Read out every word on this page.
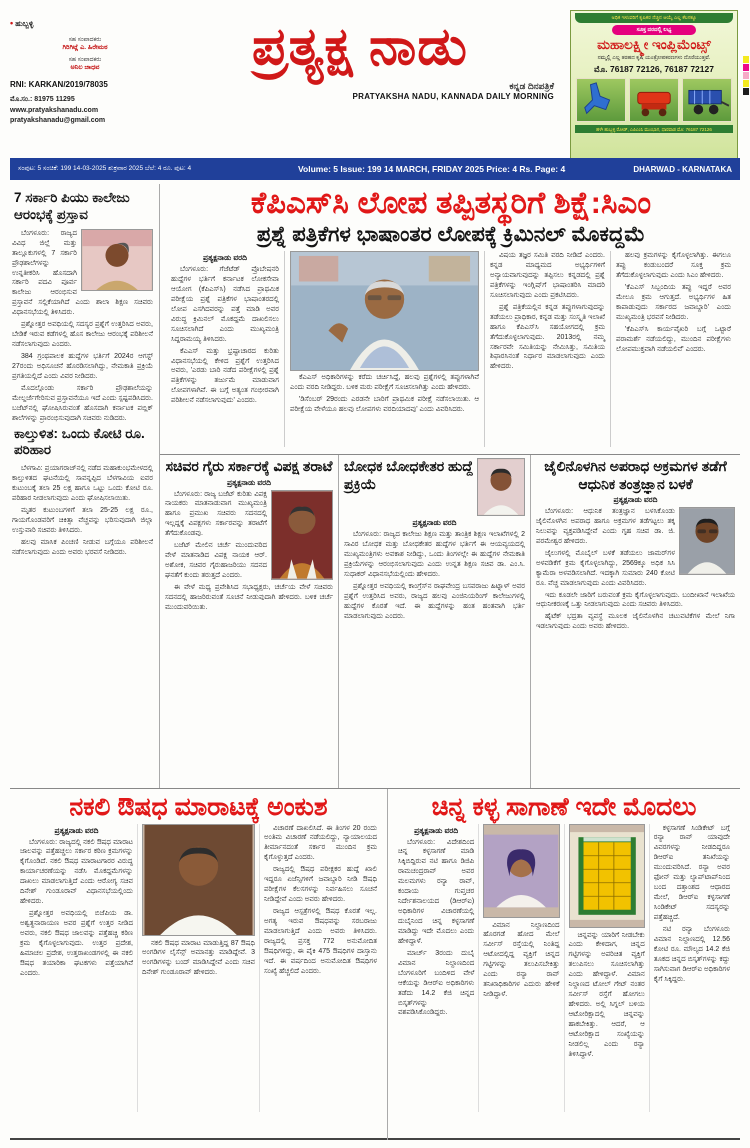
• ಹುಬ್ಬಳ್ಳಿ
ಸಹ ಸಂಪಾದಕರು
ಗಿರಿಗಿಟ್ಲೆ ಎ. ಹಿರೇಮಠ
ಸಹ ಸಂಪಾದಕರು
ಅನಿಲ ಜಾಧವ
RNI: KARKAN/2019/78035
ಮೊ.ಸಂ.: 81975 11295
www.pratyakshanadu.com
pratyakshanadu@gmail.com
ಪ್ರತ್ಯಕ್ಷ ನಾಡು
ಕನ್ನಡ ದಿನಪತ್ರಿಕೆ
PRATYAKSHA NADU, KANNADA DAILY MORNING
ಅಧಿಕ ಇಳುವರಿಗೆ ಕೃಷಿಕರ ನೆಚ್ಚಿನ ಆಯ್ಕೆ ಎಲ್ಲ ಕೆಲಸಕ್ಕೂ
ಸೂಕ್ತ ದರದಲ್ಲಿ ಲಭ್ಯ
ಮಹಾಲಕ್ಷ್ಮೀ ಇಂಪ್ಲಿಮೆಂಟ್ಸ್
ನಮ್ಮಲ್ಲಿ ಎಲ್ಲ ತರಹದ ಕೃಷಿ ಯಂತ್ರೋಪಕರಣಗಳು ದೊರೆಯುತ್ತವೆ.
ಮೊ. 76187 72126, 76187 72127
ಹಳೇ ಹುಬ್ಬಳ್ಳಿ ರೋಡ್, ಎಪಿಎಂಸಿ ಮುಂಭಾಗ, ಧಾರವಾಡ ಮೊ: 76187 72126
ಸಂಪುಟ: 5 ಸಂಚಿಕೆ: 199 14-03-2025 ಶುಕ್ರವಾರ 2025 ಬೆಲೆ: 4 ರೂ. ಪುಟ: 4	Volume: 5 Issue: 199 14 MARCH, FRIDAY 2025 Price: 4 Rs. Page: 4	DHARWAD - KARNATAKA
7 ಸರ್ಕಾರಿ ಪಿಯು ಕಾಲೇಜು ಆರಂಭಕ್ಕೆ ಪ್ರಸ್ತಾವ

ಬೆಂಗಳೂರು: ರಾಜ್ಯದ ವಿವಿಧ ಜಿಲ್ಲೆ ಮತ್ತು ತಾಲ್ಲೂಕುಗಳಲ್ಲಿ 7 ಸರ್ಕಾರಿ ಪ್ರೌಢಶಾಲೆಗಳನ್ನು ಉನ್ನತೀಕರಿಸಿ ಹೊಸದಾಗಿ ಸರ್ಕಾರಿ ಪದವಿ ಪೂರ್ವ ಕಾಲೇಜು ಆರಂಭಿಸುವ ಪ್ರಸ್ತಾವನೆ ಸಲ್ಲಿಕೆಯಾಗಿದೆ ಎಂದು ಶಾಲಾ ಶಿಕ್ಷಣ ಸಚಿವರು ವಿಧಾನಸಭೆಯಲ್ಲಿ ತಿಳಿಸಿದರು.

ಪ್ರಶ್ನೋತ್ತರ ಅವಧಿಯಲ್ಲಿ ಸದಸ್ಯರ ಪ್ರಶ್ನೆಗೆ ಉತ್ತರಿಸಿದ ಅವರು, ಬೇಡಿಕೆ ಇರುವ ಕಡೆಗಳಲ್ಲಿ ಹೊಸ ಕಾಲೇಜು ಆರಂಭಕ್ಕೆ ಪರಿಶೀಲನೆ ನಡೆಸಲಾಗುವುದು ಎಂದರು.

384 ಗ್ರಂಥಪಾಲಕ ಹುದ್ದೆಗಳ ಭರ್ತಿಗೆ 2024ರ ಆಗಸ್ಟ್ 27ರಂದು ಅಧಿಸೂಚನೆ ಹೊರಡಿಸಲಾಗಿದ್ದು, ನೇಮಕಾತಿ ಪ್ರಕ್ರಿಯೆ ಪ್ರಗತಿಯಲ್ಲಿದೆ ಎಂದು ವಿವರ ನೀಡಿದರು.

ಮೊದಲ್ಗೊಂಡು ಸರ್ಕಾರಿ ಪ್ರೌಢಶಾಲೆಯನ್ನು ಮೇಲ್ದರ್ಜೆಗೇರಿಸುವ ಪ್ರಸ್ತಾವನೆಯೂ ಇದೆ ಎಂದು ಸ್ಪಷ್ಟಪಡಿಸಿದರು. ಬಜೆಟ್‌ನಲ್ಲಿ ಘೋಷಿಸಿರುವಂತೆ ಹೊಸದಾಗಿ ಕರ್ನಾಟಕ ಪಬ್ಲಿಕ್ ಶಾಲೆಗಳನ್ನು ಪ್ರಾರಂಭಿಸುವುದಾಗಿ ಸಚಿವರು ನುಡಿದರು.

ಕಾಲ್ತುಳಿತ: ಒಂದು ಕೋಟಿ ರೂ. ಪರಿಹಾರ

ಬೆಳಗಾವಿ: ಪ್ರಯಾಗರಾಜ್‌ನಲ್ಲಿ ನಡೆದ ಮಹಾಕುಂಭಮೇಳದಲ್ಲಿ ಕಾಲ್ತುಳಿತದ ಘಟನೆಯಲ್ಲಿ ಸಾವನ್ನಪ್ಪಿದ ಬೆಳಗಾವಿಯ ಐವರ ಕುಟುಂಬಕ್ಕೆ ತಲಾ 25 ಲಕ್ಷ ಹಾಗೂ ಒಟ್ಟು ಒಂದು ಕೋಟಿ ರೂ. ಪರಿಹಾರ ನೀಡಲಾಗುವುದು ಎಂದು ಘೋಷಿಸಲಾಯಿತು.

ಮೃತರ ಕುಟುಂಬಗಳಿಗೆ ತಲಾ 25-25 ಲಕ್ಷ ರೂ., ಗಾಯಗೊಂಡವರಿಗೆ ಚಿಕಿತ್ಸಾ ವೆಚ್ಚವನ್ನು ಭರಿಸುವುದಾಗಿ ಜಿಲ್ಲಾ ಉಸ್ತುವಾರಿ ಸಚಿವರು ತಿಳಿಸಿದರು.

ಹಲವು ಮಾಸಿಕ ಪಿಂಚಣಿ ನೀಡುವ ಬಗ್ಗೆಯೂ ಪರಿಶೀಲನೆ ನಡೆಸಲಾಗುವುದು ಎಂದು ಅವರು ಭರವಸೆ ನೀಡಿದರು.

ಕೆಪಿಎಸ್‌ಸಿ ಲೋಪ ತಪ್ಪಿತಸ್ಥರಿಗೆ ಶಿಕ್ಷೆ:ಸಿಎಂ
ಪ್ರಶ್ನೆ ಪತ್ರಿಕೆಗಳ ಭಾಷಾಂತರ ಲೋಪಕ್ಕೆ ಕ್ರಿಮಿನಲ್ ಮೊಕದ್ದಮೆ
ಪ್ರತ್ಯಕ್ಷನಾಡು ವರದಿ

ಬೆಂಗಳೂರು: ಗೆಜೆಟೆಡ್ ಪ್ರೊಬೇಷನರಿ ಹುದ್ದೆಗಳ ಭರ್ತಿಗೆ ಕರ್ನಾಟಕ ಲೋಕಸೇವಾ ಆಯೋಗ (ಕೆಪಿಎಸ್‌ಸಿ) ನಡೆಸಿದ ಪ್ರಾಥಮಿಕ ಪರೀಕ್ಷೆಯ ಪ್ರಶ್ನೆ ಪತ್ರಿಕೆಗಳ ಭಾಷಾಂತರದಲ್ಲಿ ಲೋಪ ಎಸಗಿದವರನ್ನು ಪತ್ತೆ ಮಾಡಿ ಅವರ ವಿರುದ್ಧ ಕ್ರಿಮಿನಲ್ ಮೊಕದ್ದಮೆ ದಾಖಲಿಸಲು ಸೂಚಿಸಲಾಗಿದೆ ಎಂದು ಮುಖ್ಯಮಂತ್ರಿ ಸಿದ್ದರಾಮಯ್ಯ ತಿಳಿಸಿದರು.

ಕೆಎಎಸ್ ಮತ್ತು ಭ್ರಷ್ಟಾಚಾರದ ಕುರಿತು ವಿಧಾನಸಭೆಯಲ್ಲಿ ಕೇಳಿದ ಪ್ರಶ್ನೆಗೆ ಉತ್ತರಿಸಿದ ಅವರು, 'ಎರಡು ಬಾರಿ ನಡೆದ ಪರೀಕ್ಷೆಗಳಲ್ಲಿ ಪ್ರಶ್ನೆ ಪತ್ರಿಕೆಗಳನ್ನು ತರ್ಜುಮೆ ಮಾಡುವಾಗ ಲೋಪಗಳಾಗಿವೆ. ಈ ಬಗ್ಗೆ ಅತ್ಯಂತ ಗಂಭೀರವಾಗಿ ಪರಿಶೀಲನೆ ನಡೆಸಲಾಗುವುದು' ಎಂದರು.

ಕೆಎಎಸ್ ಅಧಿಕಾರಿಗಳನ್ನು ಕರೆದು ಚರ್ಚಿಸಿದ್ದೆ, ಹಲವು ಪ್ರಶ್ನೆಗಳಲ್ಲಿ ತಪ್ಪುಗಳಾಗಿವೆ ಎಂದು ವರದಿ ನೀಡಿದ್ದರು. ಬಳಿಕ ಮರು ಪರೀಕ್ಷೆಗೆ ಸೂಚಿಸಲಾಗಿತ್ತು ಎಂದು ಹೇಳಿದರು.

'ಡಿಸೆಂಬರ್ 29ರಂದು ಎರಡನೇ ಬಾರಿಗೆ ಪ್ರಾಥಮಿಕ ಪರೀಕ್ಷೆ ನಡೆಸಲಾಯಿತು. ಆ ಪರೀಕ್ಷೆಯ ವೇಳೆಯೂ ಹಲವು ಲೋಪಗಳು ವರದಿಯಾದವು' ಎಂದು ವಿವರಿಸಿದರು.

ವಿಷಯ ತಜ್ಞರ ಸಮಿತಿ ವರದಿ ನೀಡಿದೆ ಎಂದರು. ಕನ್ನಡ ಮಾಧ್ಯಮದ ಅಭ್ಯರ್ಥಿಗಳಿಗೆ ಅನ್ಯಾಯವಾಗುವುದನ್ನು ತಪ್ಪಿಸಲು ಕನ್ನಡದಲ್ಲಿ ಪ್ರಶ್ನೆ ಪತ್ರಿಕೆಗಳನ್ನು ಇಂಗ್ಲಿಷ್‌ಗೆ ಭಾಷಾಂತರಿಸಿ ಮಾದರಿ ಸೂಚಿಸಲಾಗುವುದು ಎಂದು ಪ್ರಕಟಿಸಿದರು.

ಪ್ರಶ್ನೆ ಪತ್ರಿಕೆಯಲ್ಲಿನ ಕನ್ನಡ ತಪ್ಪುಗಳಾಗುವುದನ್ನು ತಡೆಯಲು ಪ್ರಾಧಿಕಾರ, ಕನ್ನಡ ಮತ್ತು ಸಂಸ್ಕೃತಿ ಇಲಾಖೆ ಹಾಗೂ ಕೆಪಿಎಸ್‌ಸಿ ಸಹಯೋಗದಲ್ಲಿ ಕ್ರಮ ತೆಗೆದುಕೊಳ್ಳಲಾಗುವುದು. 2013ರಲ್ಲಿ ನಮ್ಮ ಸರ್ಕಾರವೇ ಸಮಿತಿಯನ್ನು ನೇಮಿಸಿತ್ತು, ಸಮಿತಿಯ ಶಿಫಾರಸಿನಂತೆ ನಿರ್ಧಾರ ಮಾಡಲಾಗುವುದು ಎಂದು ಹೇಳಿದರು.

ಹಲವು ಕ್ರಮಗಳನ್ನು ಕೈಗೊಳ್ಳಲಾಗಿತ್ತು. ಈಗಲೂ ತಪ್ಪು ಕಂಡುಬಂದರೆ ಸೂಕ್ತ ಕ್ರಮ ತೆಗೆದುಕೊಳ್ಳಲಾಗುವುದು ಎಂದು ಸಿಎಂ ಹೇಳಿದರು.

'ಕೆಎಎಸ್ ಸಿಬ್ಬಂದಿಯ ತಪ್ಪು ಇದ್ದರೆ ಅವರ ಮೇಲೂ ಕ್ರಮ ಆಗುತ್ತದೆ. ಅಭ್ಯರ್ಥಿಗಳ ಹಿತ ಕಾಪಾಡುವುದು ಸರ್ಕಾರದ ಜವಾಬ್ದಾರಿ' ಎಂದು ಮುಖ್ಯಮಂತ್ರಿ ಭರವಸೆ ನೀಡಿದರು.

'ಕೆಪಿಎಸ್‌ಸಿ ಕಾರ್ಯವೈಖರಿ ಬಗ್ಗೆ ಒಟ್ಟಾರೆ ಪರಾಮರ್ಶೆ ನಡೆಯಲಿದ್ದು, ಮುಂದಿನ ಪರೀಕ್ಷೆಗಳು ಲೋಪಮುಕ್ತವಾಗಿ ನಡೆಯಲಿವೆ' ಎಂದರು.

ಸಚಿವರ ಗೈರು ಸರ್ಕಾರಕ್ಕೆ ವಿಪಕ್ಷ ತರಾಟೆ
ಪ್ರತ್ಯಕ್ಷನಾಡು ವರದಿ

ಬೆಂಗಳೂರು: ರಾಜ್ಯ ಬಜೆಟ್ ಕುರಿತು ವಿಪಕ್ಷ ನಾಯಕರು ಮಾತನಾಡುವಾಗ ಮುಖ್ಯಮಂತ್ರಿ ಹಾಗೂ ಪ್ರಮುಖ ಸಚಿವರು ಸದನದಲ್ಲಿ ಇಲ್ಲದ್ದಕ್ಕೆ ವಿಪಕ್ಷಗಳು ಸರ್ಕಾರವನ್ನು ತರಾಟೆಗೆ ತೆಗೆದುಕೊಂಡವು.

ಬಜೆಟ್ ಮೇಲಿನ ಚರ್ಚೆ ಮುಂದುವರಿದ ವೇಳೆ ಮಾತನಾಡಿದ ವಿಪಕ್ಷ ನಾಯಕ ಆರ್. ಅಶೋಕ, ಸಚಿವರ ಗೈರುಹಾಜರಿಯು ಸದನದ ಘನತೆಗೆ ಕುಂದು ತರುತ್ತದೆ ಎಂದರು.

ಈ ವೇಳೆ ಮಧ್ಯ ಪ್ರವೇಶಿಸಿದ ಸಭಾಧ್ಯಕ್ಷರು, ಚರ್ಚೆಯ ವೇಳೆ ಸಚಿವರು ಸದನದಲ್ಲಿ ಹಾಜರಿರುವಂತೆ ಸೂಚನೆ ನೀಡುವುದಾಗಿ ಹೇಳಿದರು. ಬಳಿಕ ಚರ್ಚೆ ಮುಂದುವರಿಯಿತು.

ಬೋಧಕ ಬೋಧಕೇತರ ಹುದ್ದೆ ಪ್ರಕ್ರಿಯೆ
ಪ್ರತ್ಯಕ್ಷನಾಡು ವರದಿ

ಬೆಂಗಳೂರು: ರಾಜ್ಯದ ಕಾಲೇಜು ಶಿಕ್ಷಣ ಮತ್ತು ತಾಂತ್ರಿಕ ಶಿಕ್ಷಣ ಇಲಾಖೆಗಳಲ್ಲಿ 2 ಸಾವಿರ ಬೋಧಕ ಮತ್ತು ಬೋಧಕೇತರ ಹುದ್ದೆಗಳ ಭರ್ತಿಗೆ ಈ ಆಯವ್ಯಯದಲ್ಲಿ ಮುಖ್ಯಮಂತ್ರಿಗಳು ಅವಕಾಶ ನೀಡಿದ್ದು, ಒಂದು ತಿಂಗಳಲ್ಲೇ ಈ ಹುದ್ದೆಗಳ ನೇಮಕಾತಿ ಪ್ರಕ್ರಿಯೆಗಳನ್ನು ಆರಂಭಿಸಲಾಗುವುದು ಎಂದು ಉನ್ನತ ಶಿಕ್ಷಣ ಸಚಿವ ಡಾ. ಎಂ.ಸಿ. ಸುಧಾಕರ್ ವಿಧಾನಸಭೆಯಲ್ಲಿಂದು ಹೇಳಿದರು.

ಪ್ರಶ್ನೋತ್ತರ ಅವಧಿಯಲ್ಲಿ ಕಾಂಗ್ರೆಸ್‌ನ ರಾಘವೇಂದ್ರ ಬಸವರಾಜು ಹಿಟ್ನಾಳ್ ಅವರ ಪ್ರಶ್ನೆಗೆ ಉತ್ತರಿಸಿದ ಅವರು, ರಾಜ್ಯದ ಹಲವು ಎಂಜಿನಿಯರಿಂಗ್ ಕಾಲೇಜುಗಳಲ್ಲಿ ಹುದ್ದೆಗಳ ಕೊರತೆ ಇದೆ. ಈ ಹುದ್ದೆಗಳನ್ನು ಹಂತ ಹಂತವಾಗಿ ಭರ್ತಿ ಮಾಡಲಾಗುವುದು ಎಂದರು.

ಜೈಲಿನೊಳಗಿನ ಅಪರಾಧ ಅಕ್ರಮಗಳ ತಡೆಗೆ ಆಧುನಿಕ ತಂತ್ರಜ್ಞಾನ ಬಳಕೆ
ಪ್ರತ್ಯಕ್ಷನಾಡು ವರದಿ

ಬೆಂಗಳೂರು: ಆಧುನಿಕ ತಂತ್ರಜ್ಞಾನ ಬಳಸಿಕೊಂಡು ಜೈಲಿನೊಳಗಿನ ಅಪರಾಧ ಹಾಗೂ ಅಕ್ರಮಗಳ ತಡೆಗಟ್ಟಲು ತಕ್ಕ ನಿಲುವನ್ನು ವ್ಯಕ್ತಪಡಿಸಿದ್ದೇವೆ ಎಂದು ಗೃಹ ಸಚಿವ ಡಾ. ಜಿ. ಪರಮೇಶ್ವರ ಹೇಳಿದರು.

ಜೈಲುಗಳಲ್ಲಿ ಮೊಬೈಲ್ ಬಳಕೆ ತಡೆಯಲು ಜಾಮರ್‌ಗಳ ಅಳವಡಿಕೆಗೆ ಕ್ರಮ ಕೈಗೊಳ್ಳಲಾಗಿದ್ದು, 2569ಕ್ಕೂ ಅಧಿಕ ಸಿಸಿ ಕ್ಯಾಮೆರಾ ಅಳವಡಿಸಲಾಗಿದೆ. ಇದಕ್ಕಾಗಿ ಸುಮಾರು 240 ಕೋಟಿ ರೂ. ವೆಚ್ಚ ಮಾಡಲಾಗುವುದು ಎಂದು ವಿವರಿಸಿದರು.

ಇದು ಕೂಡಲೇ ಜಾರಿಗೆ ಬರುವಂತೆ ಕ್ರಮ ಕೈಗೊಳ್ಳಲಾಗುವುದು. ಬಂದೀಖಾನೆ ಇಲಾಖೆಯ ಆಧುನೀಕರಣಕ್ಕೆ ಒತ್ತು ನೀಡಲಾಗುವುದು ಎಂದು ಸಚಿವರು ತಿಳಿಸಿದರು.

ಹೈಟೆಕ್ ಭದ್ರತಾ ವ್ಯವಸ್ಥೆ ಮೂಲಕ ಜೈಲಿನೊಳಗಿನ ಚಟುವಟಿಕೆಗಳ ಮೇಲೆ ನಿಗಾ ಇಡಲಾಗುವುದು ಎಂದು ಅವರು ಹೇಳಿದರು.

ನಕಲಿ ಔಷಧ ಮಾರಾಟಕ್ಕೆ ಅಂಕುಶ
ಪ್ರತ್ಯಕ್ಷನಾಡು ವರದಿ

ಬೆಂಗಳೂರು: ರಾಜ್ಯದಲ್ಲಿ ನಕಲಿ ಔಷಧ ಮಾರಾಟ ಜಾಲವನ್ನು ಪತ್ತೆಹಚ್ಚಲು ಸರ್ಕಾರ ಕಠಿಣ ಕ್ರಮಗಳನ್ನು ಕೈಗೊಂಡಿದೆ. ನಕಲಿ ಔಷಧ ಮಾರಾಟಗಾರರ ವಿರುದ್ಧ ಕಾರ್ಯಾಚರಣೆಯನ್ನು ನಡೆಸಿ ಮೊಕದ್ದಮೆಗಳನ್ನು ದಾಖಲು ಮಾಡಲಾಗುತ್ತಿದೆ ಎಂದು ಆರೋಗ್ಯ ಸಚಿವ ದಿನೇಶ್ ಗುಂಡೂರಾವ್ ವಿಧಾನಸಭೆಯಲ್ಲಿಂದು ಹೇಳಿದರು.

ಪ್ರಶ್ನೋತ್ತರ ಅವಧಿಯಲ್ಲಿ ಬಿಜೆಪಿಯ ಡಾ. ಅಶ್ವತ್ಥನಾರಾಯಣ ಅವರ ಪ್ರಶ್ನೆಗೆ ಉತ್ತರ ನೀಡಿದ ಅವರು, ನಕಲಿ ಔಷಧ ಜಾಲವನ್ನು ಪತ್ತೆಹಚ್ಚಿ ಕಠಿಣ ಕ್ರಮ ಕೈಗೊಳ್ಳಲಾಗುವುದು. ಉತ್ತರ ಪ್ರದೇಶ, ಹಿಮಾಚಲ ಪ್ರದೇಶ, ಉತ್ತರಾಖಂಡಗಳಲ್ಲಿ ಈ ನಕಲಿ ಔಷಧ ತಯಾರಿಕಾ ಘಟಕಗಳು ಪತ್ತೆಯಾಗಿವೆ ಎಂದರು.

ನಕಲಿ ಔಷಧ ಮಾರಾಟ ಮಾಡುತ್ತಿದ್ದ 87 ಔಷಧಿ ಅಂಗಡಿಗಳ ಲೈಸೆನ್ಸ್ ಅಮಾನತ್ತು ಮಾಡಿದ್ದೇವೆ. 3 ಅಂಗಡಿಗಳನ್ನು ಬಂದ್ ಮಾಡಿಸಿದ್ದೇವೆ ಎಂದು ಸಚಿವ ದಿನೇಶ್ ಗುಂಡೂರಾವ್ ಹೇಳಿದರು.

ವಿಚಾರಣೆ ದಾಖಲಿಸಿದೆ. ಈ ತಿಂಗಳ 20 ರಂದು ಅಂತಿಮ ವಿಚಾರಣೆ ನಡೆಯಲಿದ್ದು, ನ್ಯಾಯಾಲಯದ ತೀರ್ಮಾನದಂತೆ ಸರ್ಕಾರ ಮುಂದಿನ ಕ್ರಮ ಕೈಗೊಳ್ಳುತ್ತದೆ ಎಂದರು.

ರಾಜ್ಯದಲ್ಲಿ ಔಷಧ ಪರೀಕ್ಷಕರ ಹುದ್ದೆ ಖಾಲಿ ಇದ್ದರೂ ಏಜೆನ್ಸಿಗಳಿಗೆ ಜವಾಬ್ದಾರಿ ನೀಡಿ ಔಷಧಿ ಪರೀಕ್ಷೆಗಳ ಕೆಲಸಗಳನ್ನು ನಿರ್ವಹಿಸಲು ಸೂಚನೆ ನೀಡಿದ್ದೇವೆ ಎಂದು ಅವರು ಹೇಳಿದರು.

ರಾಜ್ಯದ ಆಸ್ಪತ್ರೆಗಳಲ್ಲಿ ಔಷಧ ಕೊರತೆ ಇಲ್ಲ. ಅಗತ್ಯ ಇರುವ ಔಷಧವನ್ನು ಸರಬರಾಜು ಮಾಡಲಾಗುತ್ತಿದೆ ಎಂದು ಅವರು ತಿಳಿಸಿದರು. ರಾಜ್ಯದಲ್ಲಿ ಪ್ರಸಕ್ತ 772 ಅನುಮೋದಿತ ಔಷಧಿಗಳಿದ್ದು, ಈ ಪೈಕಿ 475 ಔಷಧಿಗಳ ದಾಸ್ತಾನು ಇದೆ. ಈ ವರ್ಷದಿಂದ ಅನುಮೋದಿತ ಔಷಧಿಗಳ ಸಂಖ್ಯೆ ಹೆಚ್ಚಲಿದೆ ಎಂದರು.

ಚಿನ್ನ ಕಳ್ಳ ಸಾಗಾಣೆ ಇದೇ ಮೊದಲು
ಪ್ರತ್ಯಕ್ಷನಾಡು ವರದಿ

ಬೆಂಗಳೂರು: ವಿದೇಶದಿಂದ ಚಿನ್ನ ಕಳ್ಳಸಾಗಣೆ ಮಾಡಿ ಸಿಕ್ಕಿಬಿದ್ದಿರುವ ನಟಿ ಹಾಗೂ ಡಿಜಿಪಿ ರಾಮಚಂದ್ರರಾವ್ ಅವರ ಮಲಮಗಳು ರನ್ಯಾ ರಾವ್, ಕಂದಾಯ ಗುಪ್ತಚರ ನಿರ್ದೇಶನಾಲಯದ (ಡಿಆರ್‌ಐ) ಅಧಿಕಾರಿಗಳ ವಿಚಾರಣೆಯಲ್ಲಿ ದುಬೈನಿಂದ ಚಿನ್ನ ಕಳ್ಳಸಾಗಣೆ ಮಾಡಿದ್ದು ಇದೇ ಮೊದಲು ಎಂದು ಹೇಳಿದ್ದಾಳೆ.

ಮಾರ್ಚ್ 3ರಂದು ದುಬೈ ವಿಮಾನ ನಿಲ್ದಾಣದಿಂದ ಬೆಂಗಳೂರಿಗೆ ಬಂದಿಳಿದ ವೇಳೆ ಆಕೆಯನ್ನು ಡಿಆರ್‌ಐ ಅಧಿಕಾರಿಗಳು ತಡೆದು 14.2 ಕೆಜಿ ಚಿನ್ನದ ಬಿಸ್ಕತ್‌ಗಳನ್ನು ವಶಪಡಿಸಿಕೊಂಡಿದ್ದರು.

ವಿಮಾನ ನಿಲ್ದಾಣದಿಂದ ಹೊರಗಡೆ ಹೋದ ಮೇಲೆ ಸರ್ವೀಸ್ ರಸ್ತೆಯಲ್ಲಿ ನಿಂತಿದ್ದ ಆಟೋದಲ್ಲಿದ್ದ ವ್ಯಕ್ತಿಗೆ ಚಿನ್ನದ ಗಟ್ಟಿಗಳನ್ನು ತಲುಪಿಸಬೇಕಿತ್ತು ಎಂದು ರನ್ಯಾ ರಾವ್ ತನಿಖಾಧಿಕಾರಿಗಳ ಎದುರು ಹೇಳಿಕೆ ನೀಡಿದ್ದಾಳೆ.

ಚಿನ್ನವನ್ನು ಯಾರಿಗೆ ನೀಡಬೇಕು ಎಂದು ಕೇಳಿದಾಗ, ಚಿನ್ನದ ಗಟ್ಟಿಗಳನ್ನು ಅಪರಿಚಿತ ವ್ಯಕ್ತಿಗೆ ತಲುಪಿಸಲು ಸೂಚಿಸಲಾಗಿತ್ತು ಎಂದು ಹೇಳಿದ್ದಾಳೆ. ವಿಮಾನ ನಿಲ್ದಾಣದ ಟೋಲ್ ಗೇಟ್ ನಂತರ ಸರ್ವೀಸ್ ರಸ್ತೆಗೆ ಹೋಗಲು ಹೇಳಿದರು. ಅಲ್ಲಿ ಸಿಗ್ನಲ್ ಬಳಿಯ ಆಟೋರಿಕ್ಷಾದಲ್ಲಿ ಚಿನ್ನವನ್ನು ಹಾಕಬೇಕಿತ್ತು. ಆದರೆ, ಆ ಆಟೋರಿಕ್ಷಾದ ಸಂಖ್ಯೆಯನ್ನು ನೀಡಲಿಲ್ಲ ಎಂದು ರನ್ಯಾ ತಿಳಿಸಿದ್ದಾಳೆ.

ಕಳ್ಳಸಾಗಣೆ ಸಿಂಡಿಕೇಟ್ ಬಗ್ಗೆ ರನ್ಯಾ ರಾವ್ ಯಾವುದೇ ವಿವರಗಳನ್ನು ನೀಡದಿದ್ದರೂ ಡಿಆರ್‌ಐ ತನಿಖೆಯನ್ನು ಮುಂದುವರಿಸಿದೆ. ರನ್ಯಾ ಅವರ ಫೋನ್ ಮತ್ತು ಲ್ಯಾಪ್‌ಟಾಪ್‌ನಿಂದ ಬಂದ ದತ್ತಾಂಶದ ಆಧಾರದ ಮೇಲೆ, ಡಿಆರ್‌ಐ ಕಳ್ಳಸಾಗಣೆ ಸಿಂಡಿಕೇಟ್ ಸದಸ್ಯರನ್ನು ಪತ್ತೆಹಚ್ಚಿದೆ.

ನಟಿ ರನ್ಯಾ ಬೆಂಗಳೂರು ವಿಮಾನ ನಿಲ್ದಾಣದಲ್ಲಿ 12.56 ಕೋಟಿ ರೂ. ಮೌಲ್ಯದ 14.2 ಕೆಜಿ ತೂಕದ ಚಿನ್ನದ ಬಿಸ್ಕತ್‌ಗಳನ್ನು ಕದ್ದು ಸಾಗಿಸುವಾಗ ಡಿಆರ್‌ಐ ಅಧಿಕಾರಿಗಳ ಕೈಗೆ ಸಿಕ್ಕಿದ್ದರು.
